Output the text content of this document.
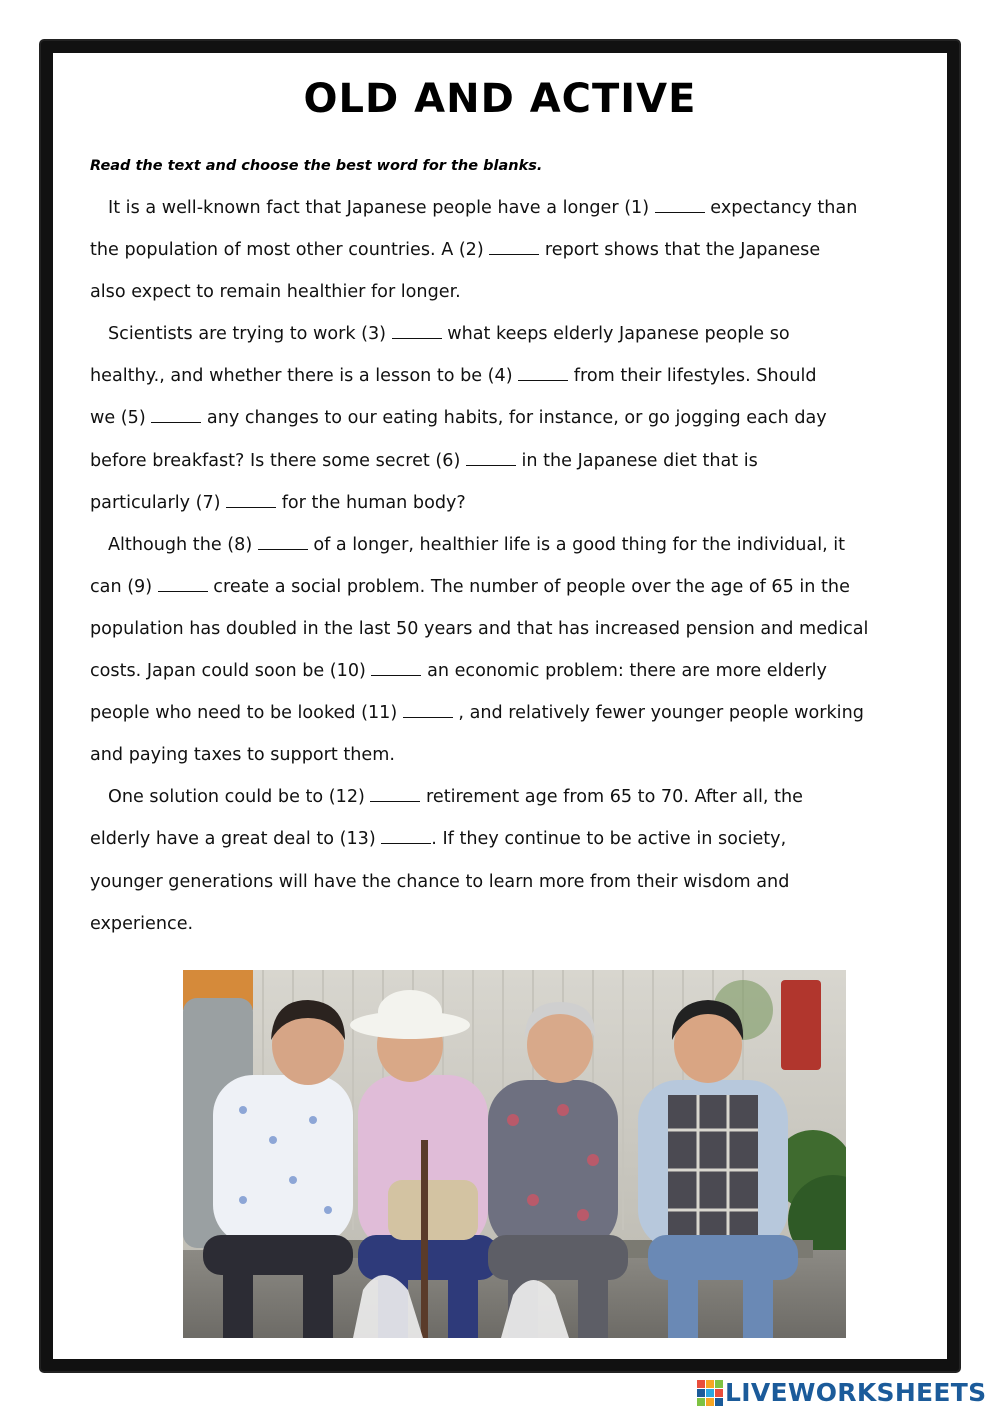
OLD AND ACTIVE

Read the text and choose the best word for the blanks.

It is a well-known fact that Japanese people have a longer (1)	expectancy than
the population of most other countries. A (2)	report shows that the Japanese
also expect to remain healthier for longer.
Scientists are trying to work (3)	what keeps elderly Japanese people so
healthy., and whether there is a lesson to be (4)	from their lifestyles. Should
we (5)	any changes to our eating habits, for instance, or go jogging each day
before breakfast? Is there some secret (6)	in the Japanese diet that is
particularly (7)	for the human body?
Although the (8)	of a longer, healthier life is a good thing for the individual, it
can (9)	create a social problem. The number of people over the age of 65 in the
population has doubled in the last 50 years and that has increased pension and medical
costs. Japan could soon be (10)	an economic problem: there are more elderly
people who need to be looked (11)	, and relatively fewer younger people working
and paying taxes to support them.
One solution could be to (12)	retirement age from 65 to 70. After all, the
elderly have a great deal to (13)	. If they continue to be active in society,
younger generations will have the chance to learn more from their wisdom and
experience.
LIVEWORKSHEETS
